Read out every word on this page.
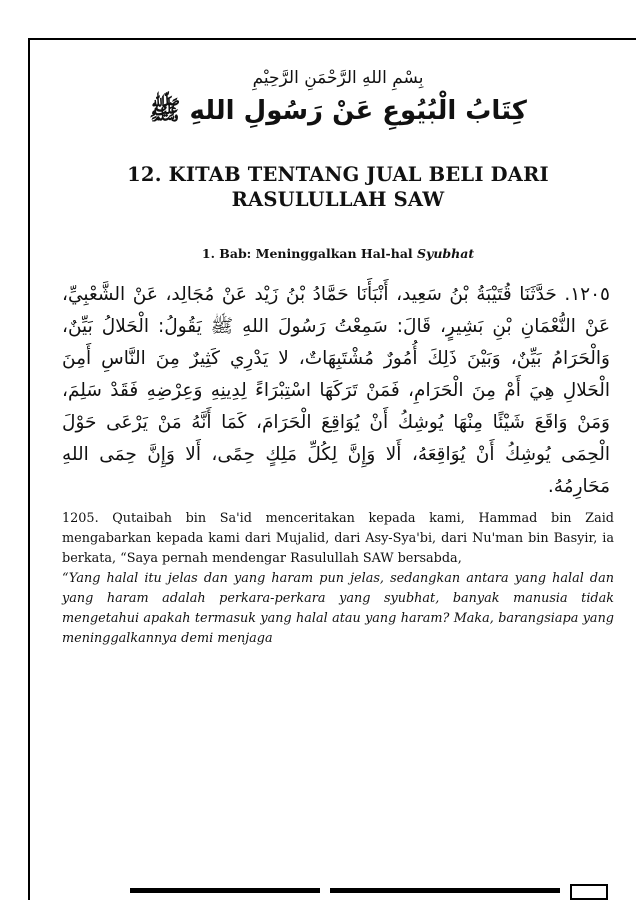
بِسْمِ اللهِ الرَّحْمَنِ الرَّحِيْمِ
كِتَابُ الْبُيُوعِ عَنْ رَسُولِ اللهِ ﷺ
12. KITAB TENTANG JUAL BELI DARI
RASULULLAH SAW
1. Bab: Meninggalkan Hal-hal Syubhat
١٢٠٥. حَدَّثَنَا قُتَيْبَةُ بْنُ سَعِيد، أَنْبَأَنَا حَمَّادُ بْنُ زَيْد عَنْ مُجَالِد، عَنْ الشَّعْبِيِّ، عَنْ النُّعْمَانِ بْنِ بَشِيرٍ، قَالَ: سَمِعْتُ رَسُولَ اللهِ ﷺ يَقُولُ: الْحَلالُ بَيِّنٌ، وَالْحَرَامُ بَيِّنٌ، وَبَيْنَ ذَلِكَ أُمُورٌ مُشْتَبِهَاتٌ، لا يَدْرِي كَثِيرٌ مِنَ النَّاسِ أَمِنَ الْحَلالِ هِيَ أَمْ مِنَ الْحَرَامِ، فَمَنْ تَرَكَهَا اسْتِبْرَاءً لِدِينِهِ وَعِرْضِهِ فَقَدْ سَلِمَ، وَمَنْ وَاقَعَ شَيْئًا مِنْهَا يُوشِكُ أَنْ يُوَاقِعَ الْحَرَامَ، كَمَا أَنَّهُ مَنْ يَرْعَى حَوْلَ الْحِمَى يُوشِكُ أَنْ يُوَاقِعَهُ، أَلا وَإِنَّ لِكُلِّ مَلِكٍ حِمًى، أَلا وَإِنَّ حِمَى اللهِ مَحَارِمُهُ.
1205. Qutaibah bin Sa'id menceritakan kepada kami, Hammad bin Zaid mengabarkan kepada kami dari Mujalid, dari Asy-Sya'bi, dari Nu'man bin Basyir, ia berkata, “Saya pernah mendengar Rasulullah SAW bersabda,
“Yang halal itu jelas dan yang haram pun jelas, sedangkan antara yang halal dan yang haram adalah perkara-perkara yang syubhat, banyak manusia tidak mengetahui apakah termasuk yang halal atau yang haram? Maka, barangsiapa yang meninggalkannya demi menjaga
